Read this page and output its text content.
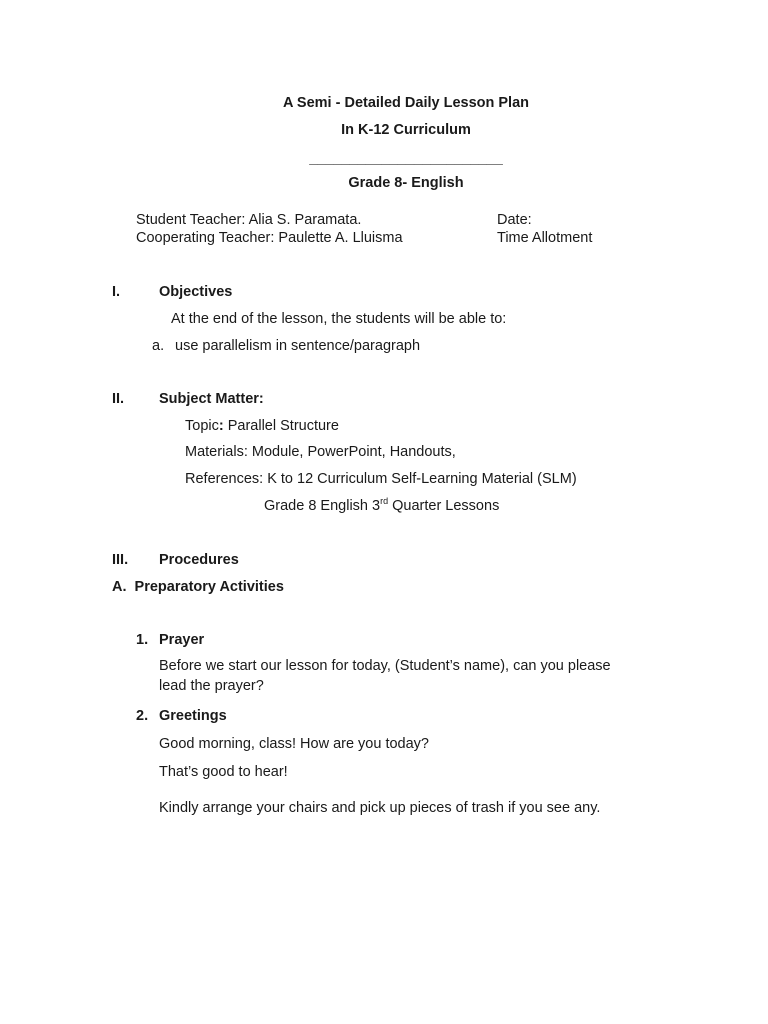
A Semi - Detailed Daily Lesson Plan
In K-12 Curriculum
________________________
Grade 8- English
Student Teacher: Alia S. Paramata.
Cooperating Teacher: Paulette A. Lluisma
Date:
Time Allotment
I.	Objectives
At the end of the lesson, the students will be able to:
a. use parallelism in sentence/paragraph
II. Subject Matter:
Topic: Parallel Structure
Materials: Module, PowerPoint, Handouts,
References: K to 12 Curriculum Self-Learning Material (SLM)
Grade 8 English 3rd Quarter Lessons
III. Procedures
A.  Preparatory Activities
1. Prayer
Before we start our lesson for today, (Student’s name), can you please
lead the prayer?
2. Greetings
Good morning, class! How are you today?
That’s good to hear!
Kindly arrange your chairs and pick up pieces of trash if you see any.
